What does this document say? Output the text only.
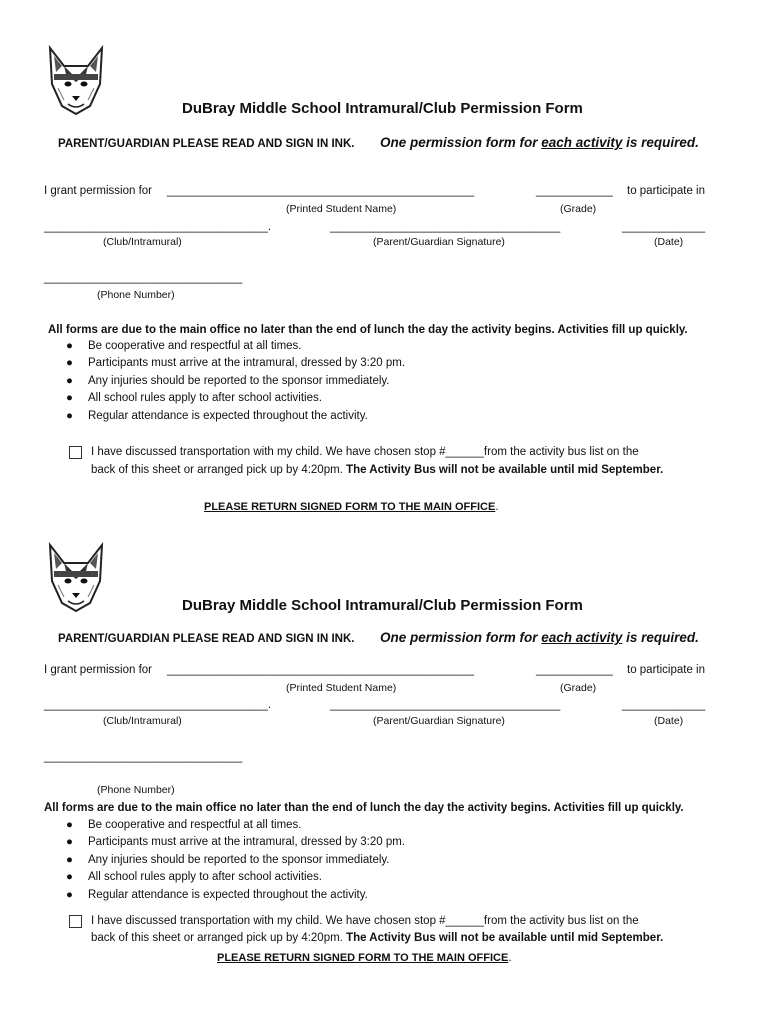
DuBray Middle School Intramural/Club Permission Form
PARENT/GUARDIAN PLEASE READ AND SIGN IN INK. One permission form for each activity is required.
I grant permission for ________________________________________________	____________ to participate in
(Printed Student Name)	(Grade)
___________________________________.	____________________________________	_____________
(Club/Intramural)	(Parent/Guardian Signature)	(Date)
_______________________________
(Phone Number)
All forms are due to the main office no later than the end of lunch the day the activity begins. Activities fill up quickly.
● Be cooperative and respectful at all times.
● Participants must arrive at the intramural, dressed by 3:20 pm.
● Any injuries should be reported to the sponsor immediately.
● All school rules apply to after school activities.
● Regular attendance is expected throughout the activity.
I have discussed transportation with my child. We have chosen stop #______from the activity bus list on the
back of this sheet or arranged pick up by 4:20pm. The Activity Bus will not be available until mid September.
PLEASE RETURN SIGNED FORM TO THE MAIN OFFICE.
DuBray Middle School Intramural/Club Permission Form
PARENT/GUARDIAN PLEASE READ AND SIGN IN INK. One permission form for each activity is required.
I grant permission for ________________________________________________	____________ to participate in
(Printed Student Name)	(Grade)
___________________________________.	____________________________________	_____________
(Club/Intramural)	(Parent/Guardian Signature)	(Date)
_______________________________
(Phone Number)
All forms are due to the main office no later than the end of lunch the day the activity begins. Activities fill up quickly.
● Be cooperative and respectful at all times.
● Participants must arrive at the intramural, dressed by 3:20 pm.
● Any injuries should be reported to the sponsor immediately.
● All school rules apply to after school activities.
● Regular attendance is expected throughout the activity.
I have discussed transportation with my child. We have chosen stop #______from the activity bus list on the
back of this sheet or arranged pick up by 4:20pm. The Activity Bus will not be available until mid September.
PLEASE RETURN SIGNED FORM TO THE MAIN OFFICE.
